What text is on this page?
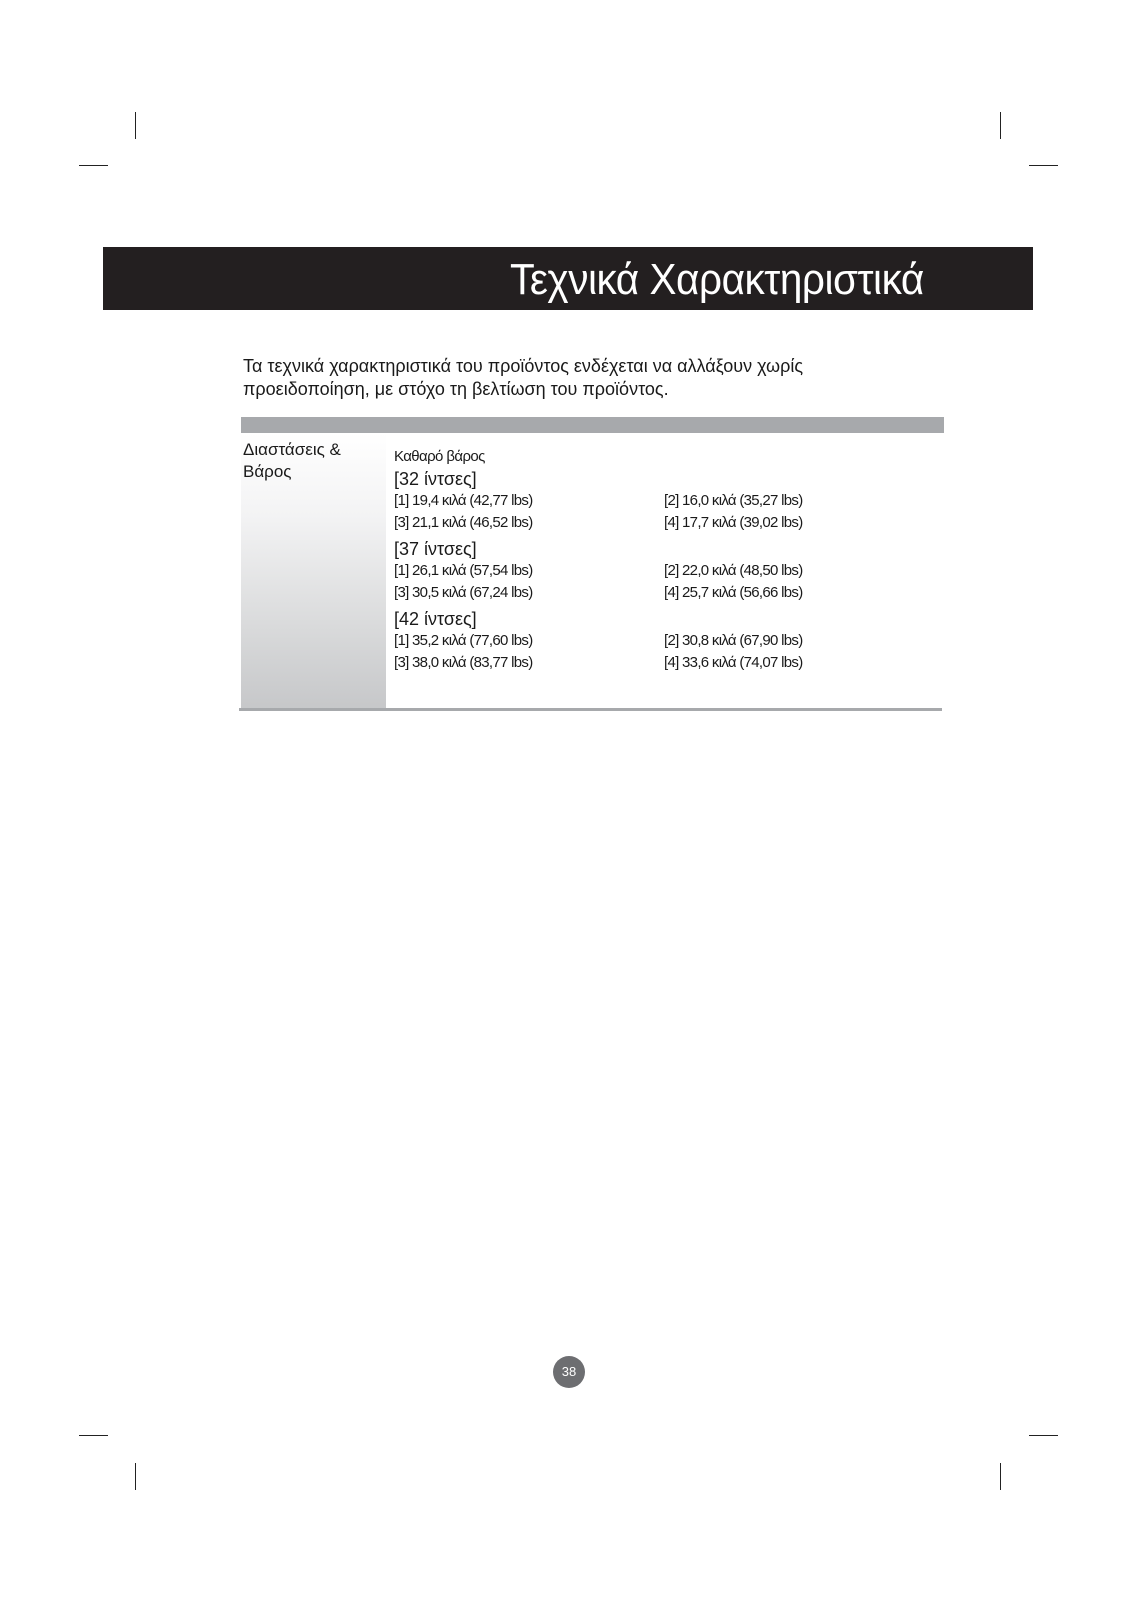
Τεχνικά Χαρακτηριστικά

Τα τεχνικά χαρακτηριστικά του προϊόντος ενδέχεται να αλλάξουν χωρίς

προειδοποίηση, με στόχο τη βελτίωση του προϊόντος.

Διαστάσεις &
Βάρος
Καθαρό βάρος
[32 ίντσες]
[1] 19,4 κιλά (42,77 lbs)	[2] 16,0 κιλά (35,27 lbs)
[3] 21,1 κιλά (46,52 lbs)	[4] 17,7 κιλά (39,02 lbs)
[37 ίντσες]
[1] 26,1 κιλά (57,54 lbs)	[2] 22,0 κιλά (48,50 lbs)
[3] 30,5 κιλά (67,24 lbs)	[4] 25,7 κιλά (56,66 lbs)
[42 ίντσες]
[1] 35,2 κιλά (77,60 lbs)	[2] 30,8 κιλά (67,90 lbs)
[3] 38,0 κιλά (83,77 lbs)	[4] 33,6 κιλά (74,07 lbs)
38
